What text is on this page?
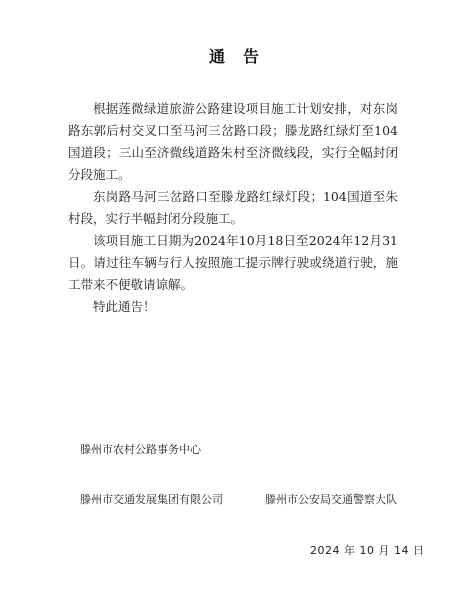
通告

根据莲微绿道旅游公路建设项目施工计划安排，对东岗路东郭后村交叉口至马河三岔路口段；滕龙路红绿灯至104国道段；三山至济微线道路朱村至济微线段，实行全幅封闭分段施工。

东岗路马河三岔路口至滕龙路红绿灯段；104国道至朱村段，实行半幅封闭分段施工。

该项目施工日期为2024年10月18日至2024年12月31日。请过往车辆与行人按照施工提示牌行驶或绕道行驶，施工带来不便敬请谅解。

特此通告！

滕州市农村公路事务中心
滕州市交通发展集团有限公司	滕州市公安局交通警察大队
2024 年 10 月 14 日
